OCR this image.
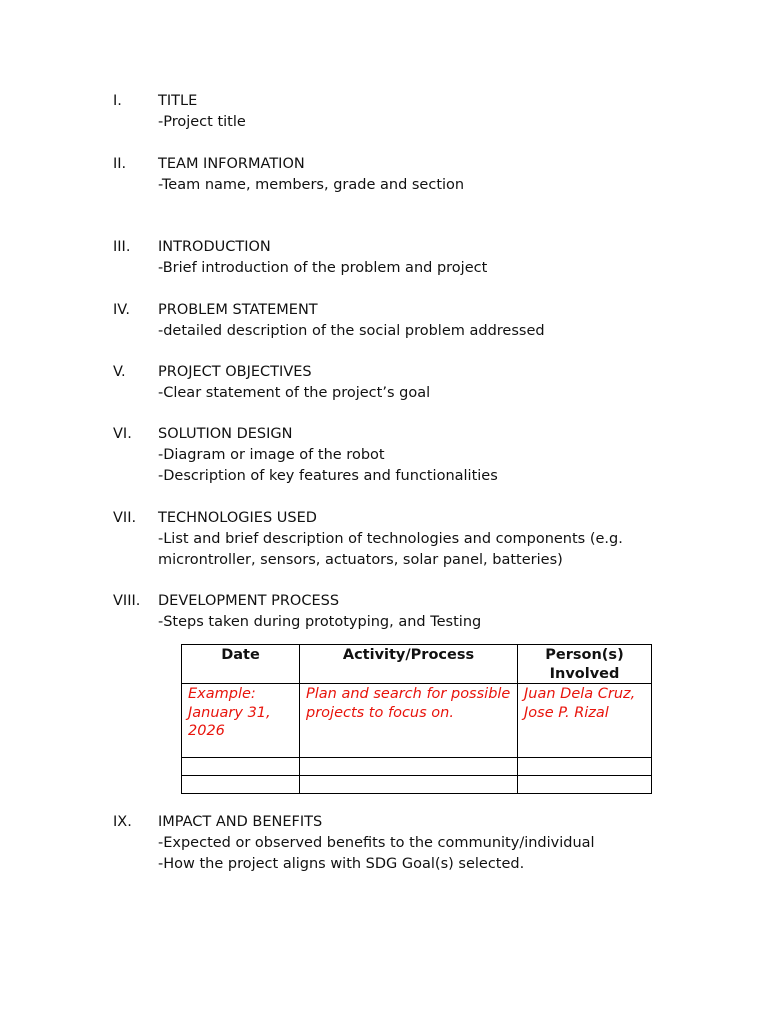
I. TITLE
-Project title
II. TEAM INFORMATION
-Team name, members, grade and section
III. INTRODUCTION
-Brief introduction of the problem and project
IV. PROBLEM STATEMENT
-detailed description of the social problem addressed
V. PROJECT OBJECTIVES
-Clear statement of the project’s goal
VI. SOLUTION DESIGN
-Diagram or image of the robot
-Description of key features and functionalities
VII. TECHNOLOGIES USED
-List and brief description of technologies and components (e.g. microntroller, sensors, actuators, solar panel, batteries)
VIII. DEVELOPMENT PROCESS
-Steps taken during prototyping, and Testing
Date	Activity/Process	Person(s) Involved
Example: January 31, 2026	Plan and search for possible projects to focus on.	Juan Dela Cruz, Jose P. Rizal

IX. IMPACT AND BENEFITS
-Expected or observed benefits to the community/individual
-How the project aligns with SDG Goal(s) selected.
